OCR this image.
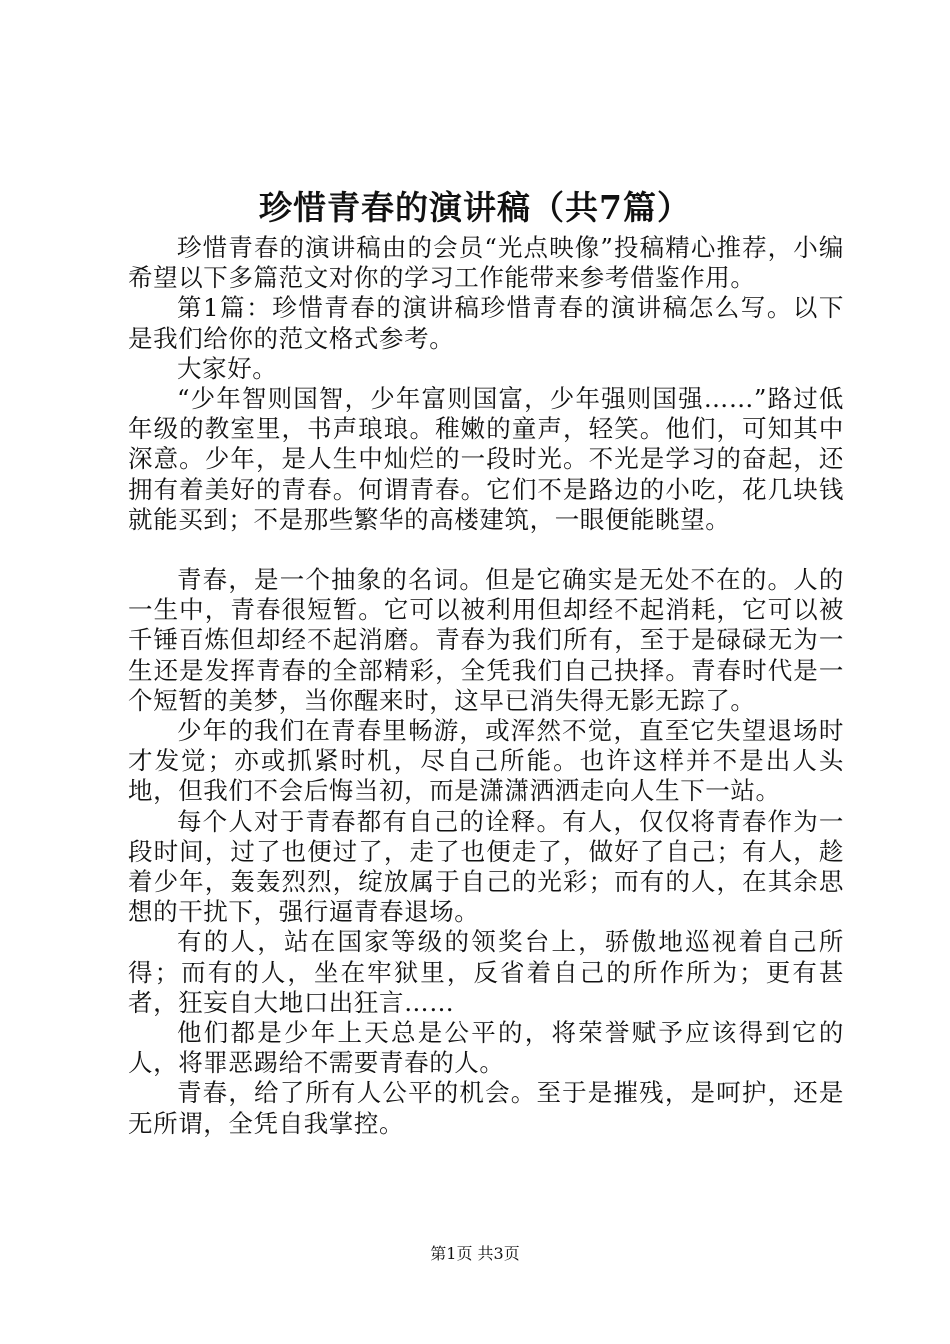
珍惜青春的演讲稿（共7篇）

珍惜青春的演讲稿由的会员“光点映像”投稿精心推荐，小编希望以下多篇范文对你的学习工作能带来参考借鉴作用。

第1篇：珍惜青春的演讲稿珍惜青春的演讲稿怎么写。以下是我们给你的范文格式参考。

大家好。

“少年智则国智，少年富则国富，少年强则国强……”路过低年级的教室里，书声琅琅。稚嫩的童声，轻笑。他们，可知其中深意。少年，是人生中灿烂的一段时光。不光是学习的奋起，还拥有着美好的青春。何谓青春。它们不是路边的小吃，花几块钱就能买到；不是那些繁华的高楼建筑，一眼便能眺望。

青春，是一个抽象的名词。但是它确实是无处不在的。人的一生中，青春很短暂。它可以被利用但却经不起消耗，它可以被千锤百炼但却经不起消磨。青春为我们所有，至于是碌碌无为一生还是发挥青春的全部精彩，全凭我们自己抉择。青春时代是一个短暂的美梦，当你醒来时，这早已消失得无影无踪了。

少年的我们在青春里畅游，或浑然不觉，直至它失望退场时才发觉；亦或抓紧时机，尽自己所能。也许这样并不是出人头地，但我们不会后悔当初，而是潇潇洒洒走向人生下一站。

每个人对于青春都有自己的诠释。有人，仅仅将青春作为一段时间，过了也便过了，走了也便走了，做好了自己；有人，趁着少年，轰轰烈烈，绽放属于自己的光彩；而有的人，在其余思想的干扰下，强行逼青春退场。

有的人，站在国家等级的领奖台上，骄傲地巡视着自己所得；而有的人，坐在牢狱里，反省着自己的所作所为；更有甚者，狂妄自大地口出狂言……

他们都是少年上天总是公平的，将荣誉赋予应该得到它的人，将罪恶踢给不需要青春的人。

青春，给了所有人公平的机会。至于是摧残，是呵护，还是无所谓，全凭自我掌控。

第1页 共3页
